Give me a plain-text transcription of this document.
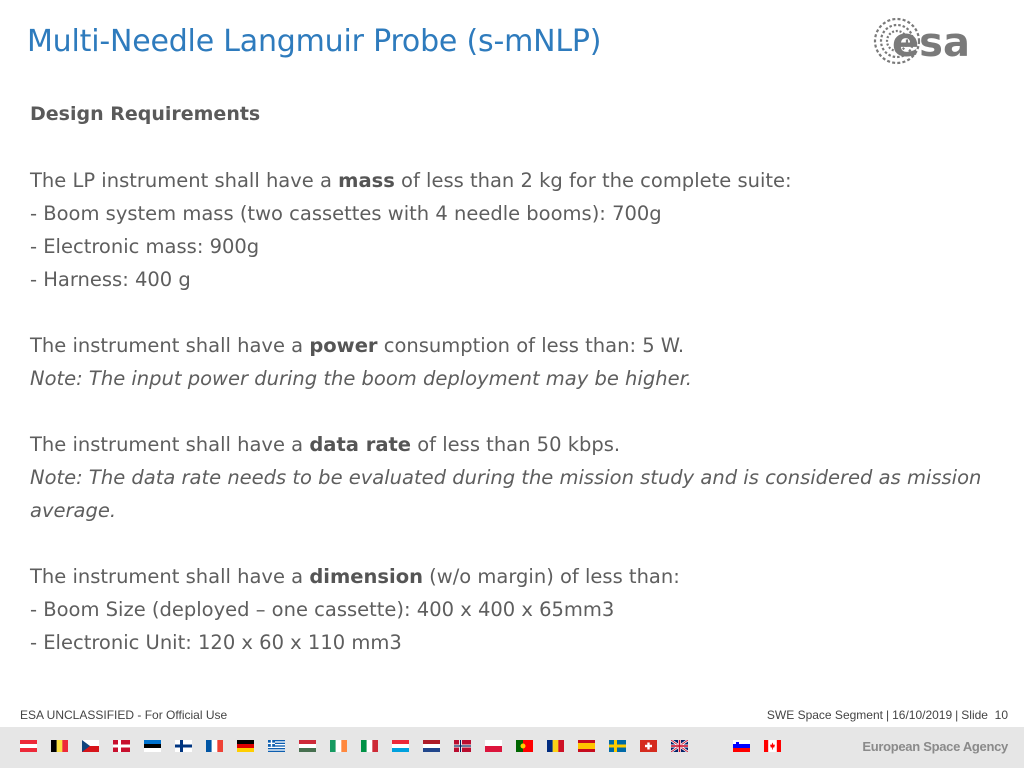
Multi-Needle Langmuir Probe (s-mNLP)	esa
Design Requirements
The LP instrument shall have a mass of less than 2 kg for the complete suite:
- Boom system mass (two cassettes with 4 needle booms): 700g
- Electronic mass: 900g
- Harness: 400 g
The instrument shall have a power consumption of less than: 5 W.
Note: The input power during the boom deployment may be higher.
The instrument shall have a data rate of less than 50 kbps.
Note: The data rate needs to be evaluated during the mission study and is considered as mission average.
The instrument shall have a dimension (w/o margin) of less than:
- Boom Size (deployed – one cassette): 400 x 400 x 65mm3
- Electronic Unit: 120 x 60 x 110 mm3
ESA UNCLASSIFIED - For Official Use	SWE Space Segment | 16/10/2019 | Slide 10
European Space Agency
